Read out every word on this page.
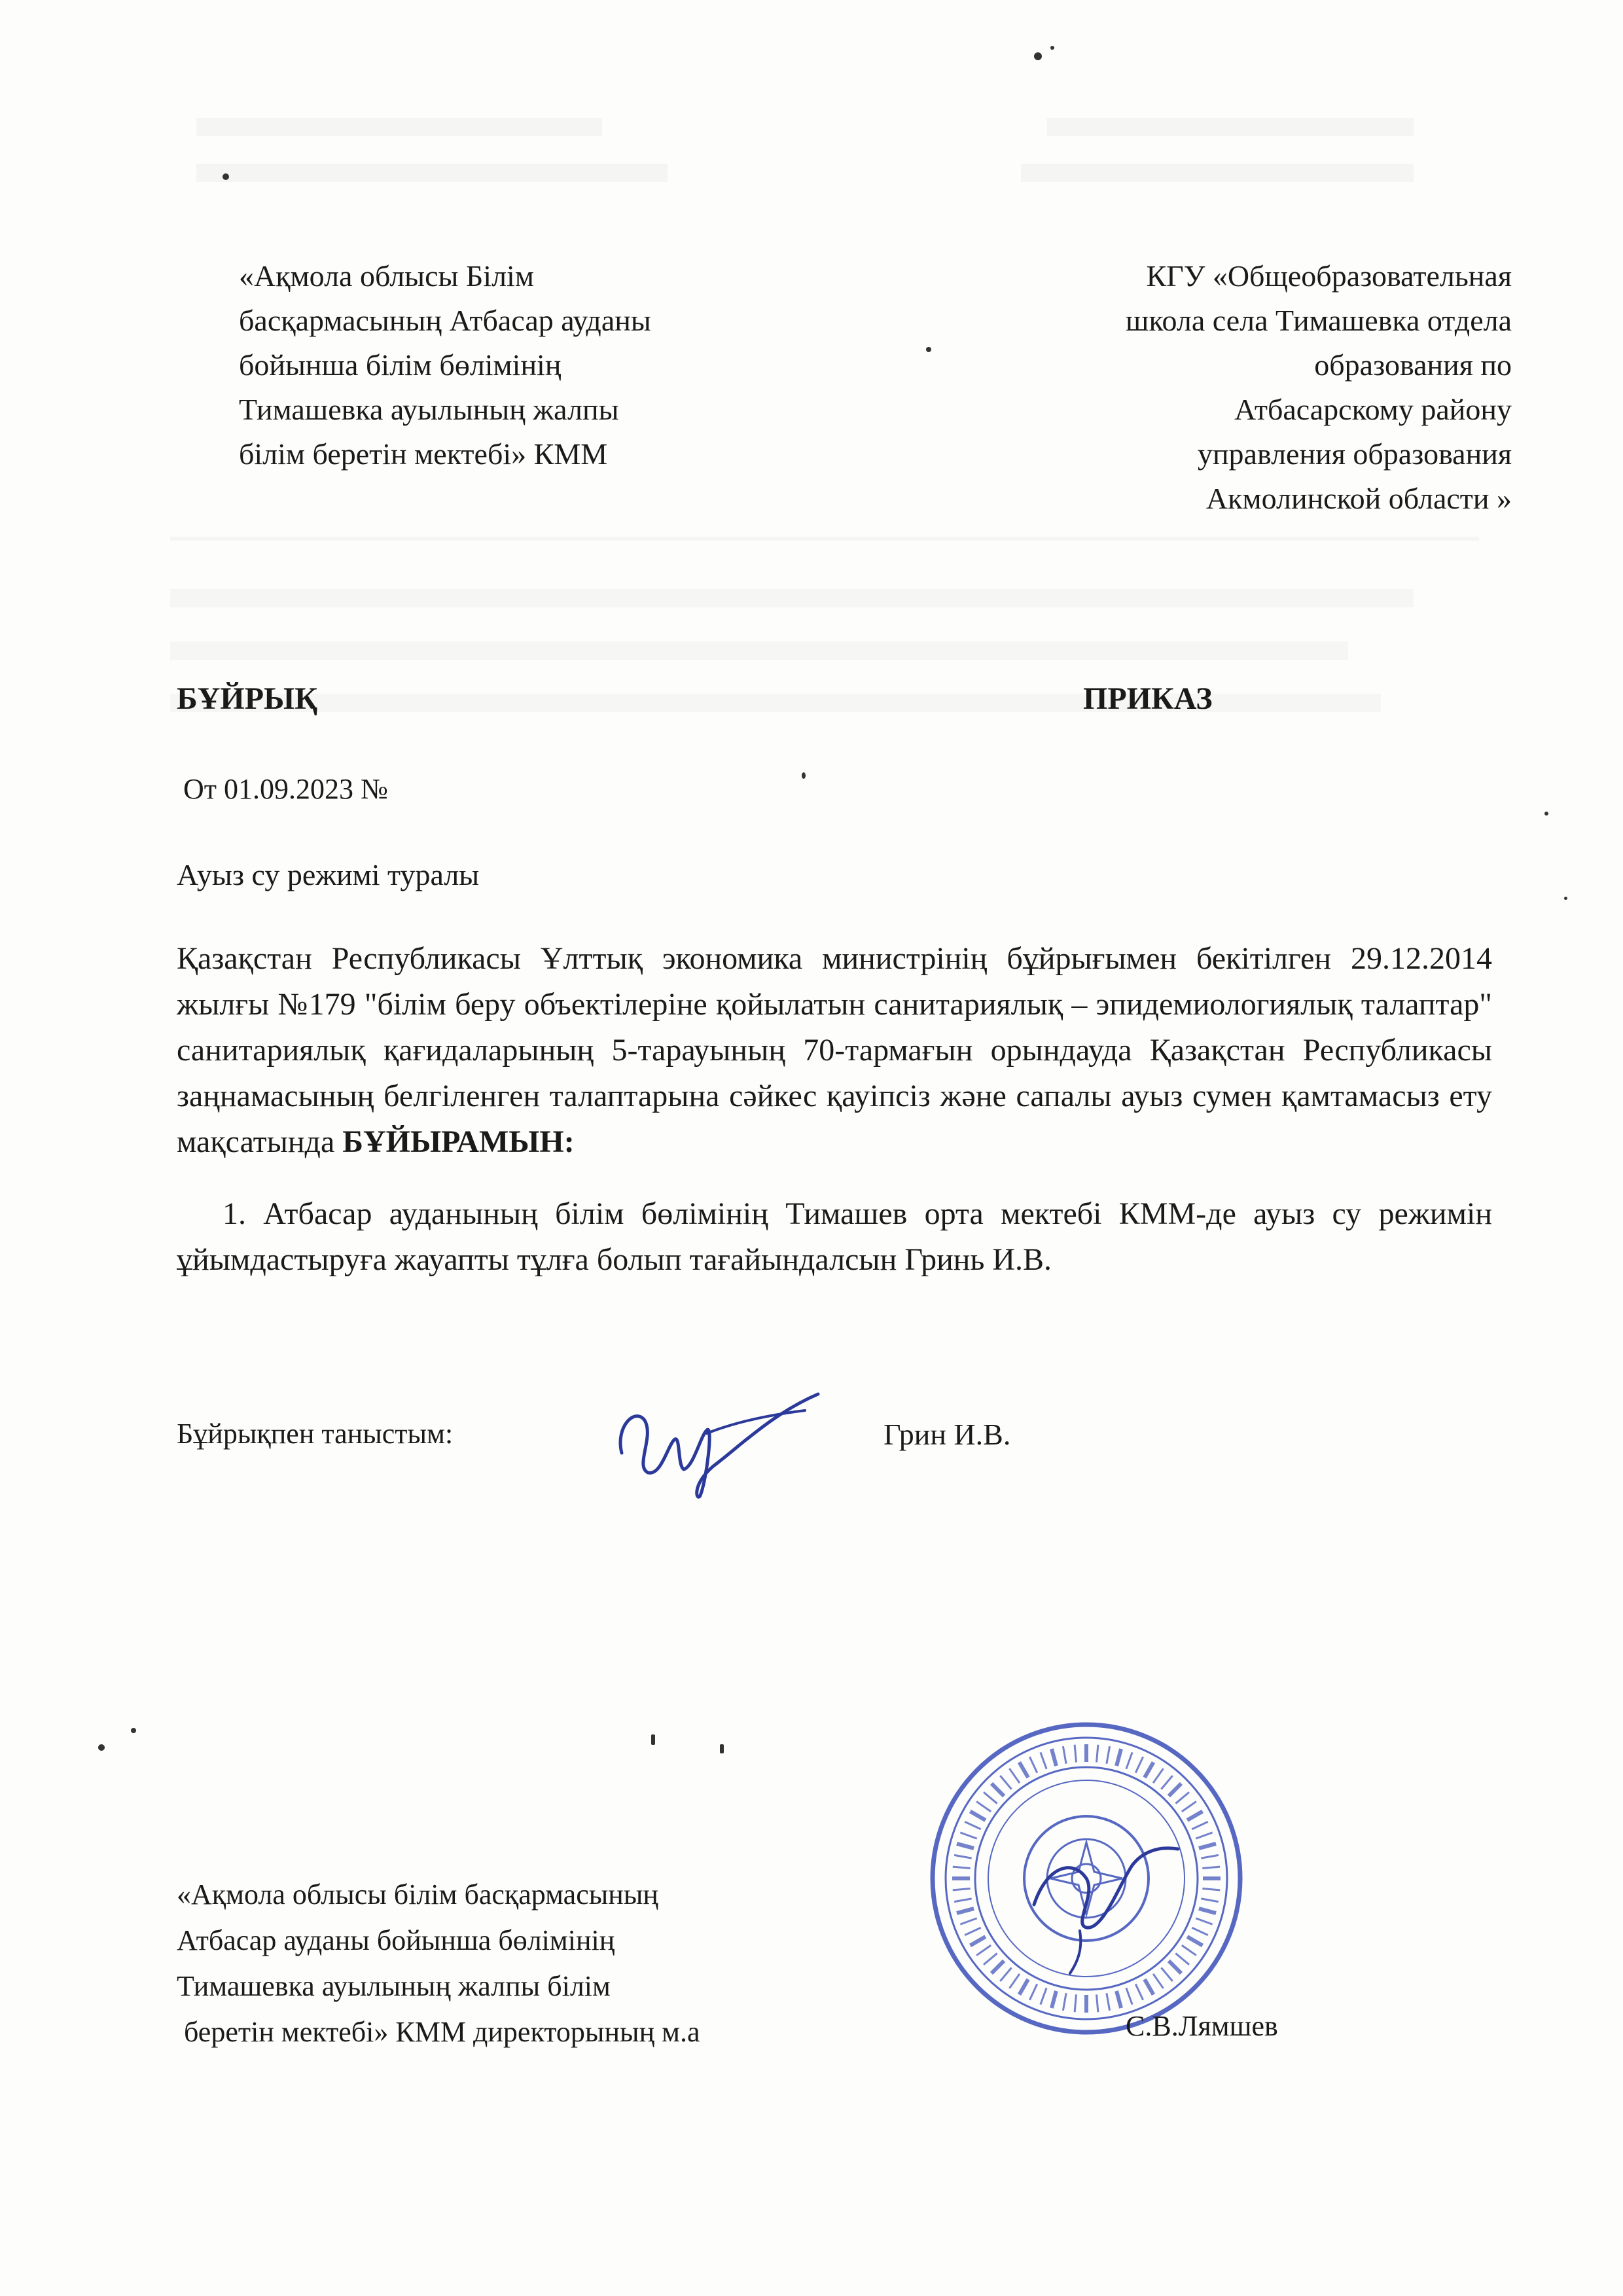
«Ақмола облысы Білім
басқармасының Атбасар ауданы
бойынша білім бөлімінің
Тимашевка ауылының жалпы
білім беретін мектебі» КММ
КГУ «Общеобразовательная
школа села Тимашевка отдела
образования по
Атбасарскому району
управления образования
Акмолинской области »
БҰЙРЫҚ	ПРИКАЗ
От 01.09.2023 №
Ауыз су режимі туралы
Қазақстан Республикасы Ұлттық экономика министрінің бұйрығымен бекітілген 29.12.2014 жылғы №179 "білім беру объектілеріне қойылатын санитариялық – эпидемиологиялық талаптар" санитариялық қағидаларының 5-тарауының 70-тармағын орындауда Қазақстан Республикасы заңнамасының белгіленген талаптарына сәйкес қауіпсіз және сапалы ауыз сумен қамтамасыз ету мақсатында БҰЙЫРАМЫН:
1. Атбасар ауданының білім бөлімінің Тимашев орта мектебі КММ-де ауыз су режимін ұйымдастыруға жауапты тұлға болып тағайындалсын Гринь И.В.
Бұйрықпен таныстым:	Грин И.В.
«Ақмола облысы білім басқармасының
Атбасар ауданы бойынша бөлімінің
Тимашевка ауылының жалпы білім
беретін мектебі» КММ директорының м.а	С.В.Лямшев
